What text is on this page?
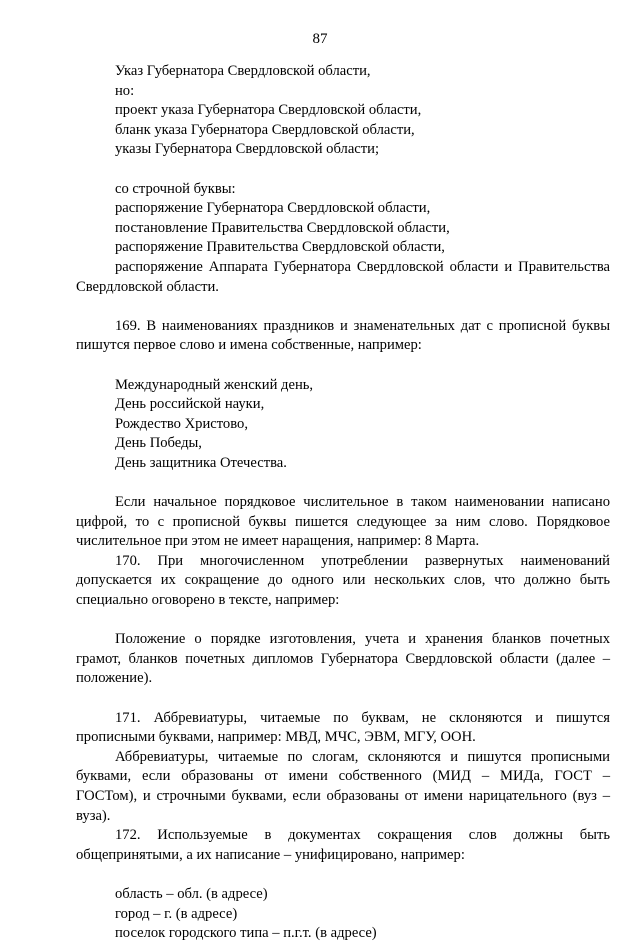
87
Указ Губернатора Свердловской области,
но:
проект указа Губернатора Свердловской области,
бланк указа Губернатора Свердловской области,
указы Губернатора Свердловской области;
со строчной буквы:
распоряжение Губернатора Свердловской области,
постановление Правительства Свердловской области,
распоряжение Правительства Свердловской области,
распоряжение Аппарата Губернатора Свердловской области и Правительства
Свердловской области.
169. В наименованиях праздников и знаменательных дат с прописной буквы
пишутся первое слово и имена собственные, например:
Международный женский день,
День российской науки,
Рождество Христово,
День Победы,
День защитника Отечества.
Если начальное порядковое числительное в таком наименовании написано
цифрой, то с прописной буквы пишется следующее за ним слово. Порядковое
числительное при этом не имеет наращения, например: 8 Марта.
170. При многочисленном употреблении развернутых наименований
допускается их сокращение до одного или нескольких слов, что должно быть
специально оговорено в тексте, например:
Положение о порядке изготовления, учета и хранения бланков почетных
грамот, бланков почетных дипломов Губернатора Свердловской области (далее –
положение).
171. Аббревиатуры, читаемые по буквам, не склоняются и пишутся
прописными буквами, например: МВД, МЧС, ЭВМ, МГУ, ООН.
Аббревиатуры, читаемые по слогам, склоняются и пишутся прописными
буквами, если образованы от имени собственного (МИД – МИДа, ГОСТ –
ГОСТом), и строчными буквами, если образованы от имени нарицательного (вуз –
вуза).
172. Используемые в документах сокращения слов должны быть
общепринятыми, а их написание – унифицировано, например:
область – обл. (в адресе)
город – г. (в адресе)
поселок городского типа – п.г.т. (в адресе)
